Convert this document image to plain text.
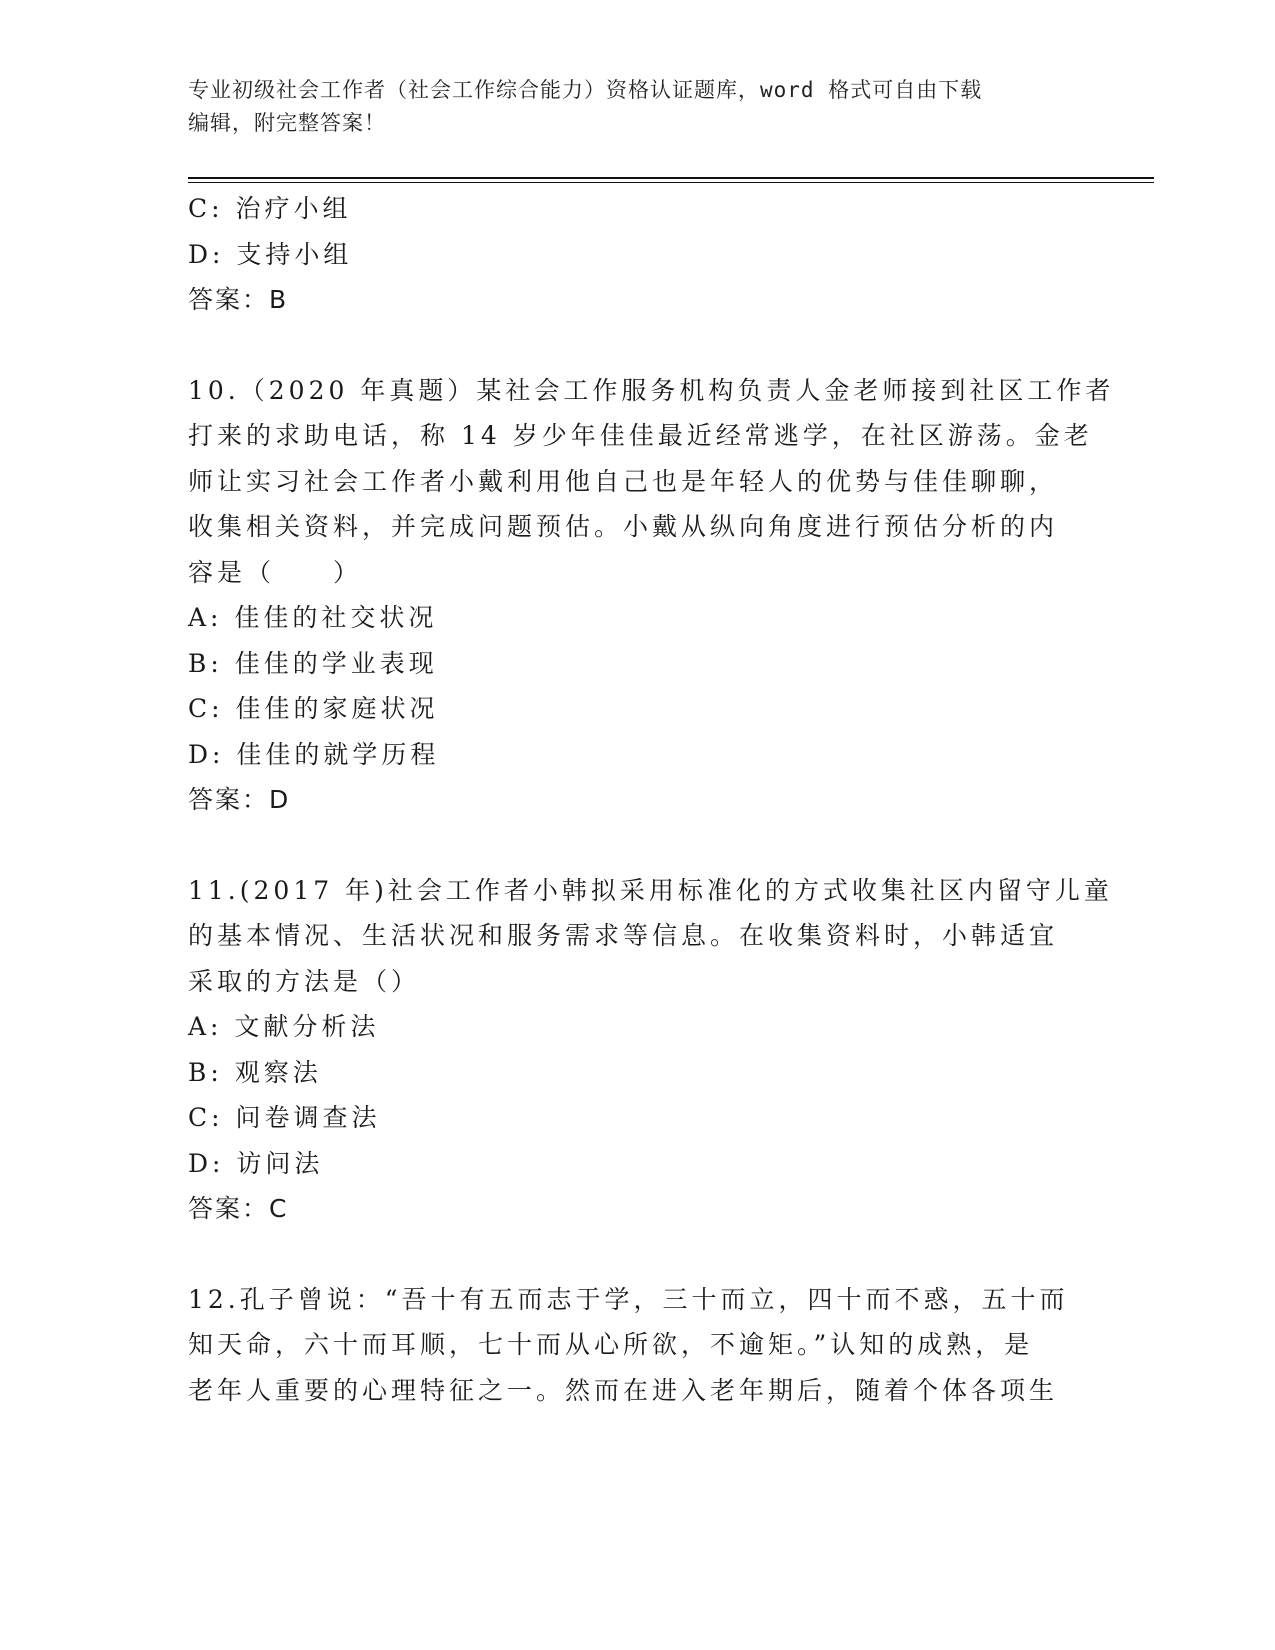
专业初级社会工作者（社会工作综合能力）资格认证题库，word 格式可自由下载
编辑，附完整答案！
C: 治疗小组
D: 支持小组
答案：B
10.（2020 年真题）某社会工作服务机构负责人金老师接到社区工作者
打来的求助电话，称 14 岁少年佳佳最近经常逃学，在社区游荡。金老
师让实习社会工作者小戴利用他自己也是年轻人的优势与佳佳聊聊，
收集相关资料，并完成问题预估。小戴从纵向角度进行预估分析的内
容是（　　）
A: 佳佳的社交状况
B: 佳佳的学业表现
C: 佳佳的家庭状况
D: 佳佳的就学历程
答案：D
11.(2017 年)社会工作者小韩拟采用标准化的方式收集社区内留守儿童
的基本情况、生活状况和服务需求等信息。在收集资料时，小韩适宜
采取的方法是（）
A: 文献分析法
B: 观察法
C: 问卷调查法
D: 访问法
答案：C
12.孔子曾说：“吾十有五而志于学，三十而立，四十而不惑，五十而
知天命，六十而耳顺，七十而从心所欲，不逾矩。”认知的成熟，是
老年人重要的心理特征之一。然而在进入老年期后，随着个体各项生
